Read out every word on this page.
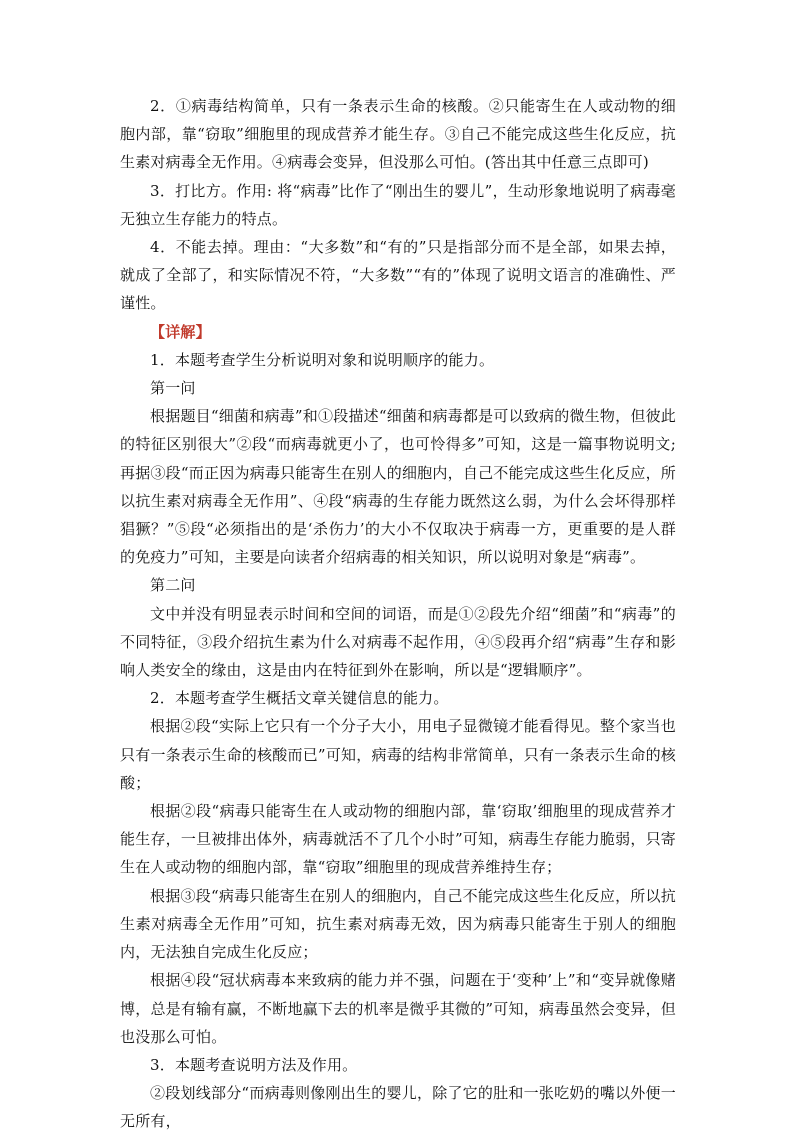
2．①病毒结构简单，只有一条表示生命的核酸。②只能寄生在人或动物的细胞内部，靠“窃取”细胞里的现成营养才能生存。③自己不能完成这些生化反应，抗生素对病毒全无作用。④病毒会变异，但没那么可怕。(答出其中任意三点即可)

3．打比方。作用: 将“病毒”比作了“刚出生的婴儿”，生动形象地说明了病毒毫无独立生存能力的特点。

4．不能去掉。理由：“大多数”和“有的”只是指部分而不是全部，如果去掉，就成了全部了，和实际情况不符，“大多数”“有的”体现了说明文语言的准确性、严谨性。

【详解】

1．本题考查学生分析说明对象和说明顺序的能力。

第一问

根据题目“细菌和病毒”和①段描述“细菌和病毒都是可以致病的微生物，但彼此的特征区别很大”②段“而病毒就更小了，也可怜得多”可知，这是一篇事物说明文; 再据③段“而正因为病毒只能寄生在别人的细胞内，自己不能完成这些生化反应，所以抗生素对病毒全无作用”、④段“病毒的生存能力既然这么弱，为什么会坏得那样猖獗？”⑤段“必须指出的是‘杀伤力’的大小不仅取决于病毒一方，更重要的是人群的免疫力”可知，主要是向读者介绍病毒的相关知识，所以说明对象是“病毒”。

第二问

文中并没有明显表示时间和空间的词语，而是①②段先介绍“细菌”和“病毒”的不同特征，③段介绍抗生素为什么对病毒不起作用，④⑤段再介绍“病毒”生存和影响人类安全的缘由，这是由内在特征到外在影响，所以是“逻辑顺序”。

2．本题考查学生概括文章关键信息的能力。

根据②段“实际上它只有一个分子大小，用电子显微镜才能看得见。整个家当也只有一条表示生命的核酸而已”可知，病毒的结构非常简单，只有一条表示生命的核酸；

根据②段“病毒只能寄生在人或动物的细胞内部，靠‘窃取’细胞里的现成营养才能生存，一旦被排出体外，病毒就活不了几个小时”可知，病毒生存能力脆弱，只寄生在人或动物的细胞内部，靠“窃取”细胞里的现成营养维持生存；

根据③段“病毒只能寄生在别人的细胞内，自己不能完成这些生化反应，所以抗生素对病毒全无作用”可知，抗生素对病毒无效，因为病毒只能寄生于别人的细胞内，无法独自完成生化反应；

根据④段“冠状病毒本来致病的能力并不强，问题在于‘变种’上”和“变异就像赌博，总是有输有赢，不断地赢下去的机率是微乎其微的”可知，病毒虽然会变异，但也没那么可怕。

3．本题考查说明方法及作用。

②段划线部分“而病毒则像刚出生的婴儿，除了它的肚和一张吃奶的嘴以外便一无所有，
